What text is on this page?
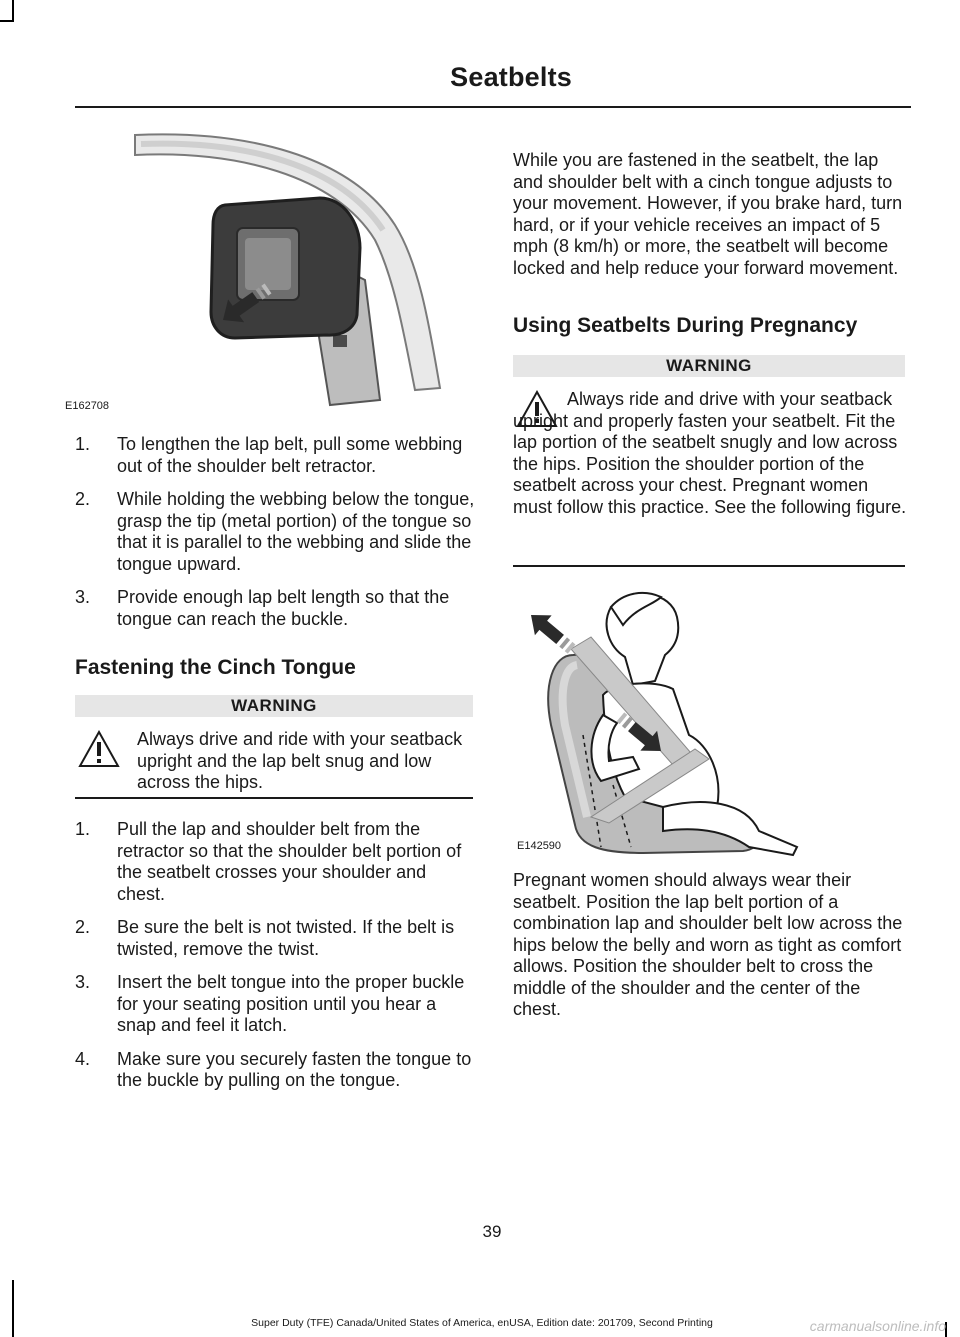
Seatbelts
E162708
1.	To lengthen the lap belt, pull some webbing out of the shoulder belt retractor.
2.	While holding the webbing below the tongue, grasp the tip (metal portion) of the tongue so that it is parallel to the webbing and slide the tongue upward.
3.	Provide enough lap belt length so that the tongue can reach the buckle.
Fastening the Cinch Tongue
WARNING
Always drive and ride with your seatback upright and the lap belt snug and low across the hips.
1.	Pull the lap and shoulder belt from the retractor so that the shoulder belt portion of the seatbelt crosses your shoulder and chest.
2.	Be sure the belt is not twisted. If the belt is twisted, remove the twist.
3.	Insert the belt tongue into the proper buckle for your seating position until you hear a snap and feel it latch.
4.	Make sure you securely fasten the tongue to the buckle by pulling on the tongue.

While you are fastened in the seatbelt, the lap and shoulder belt with a cinch tongue adjusts to your movement. However, if you brake hard, turn hard, or if your vehicle receives an impact of 5 mph (8 km/h) or more, the seatbelt will become locked and help reduce your forward movement.

Using Seatbelts During Pregnancy
WARNING
Always ride and drive with your seatback upright and properly fasten your seatbelt. Fit the lap portion of the seatbelt snugly and low across the hips. Position the shoulder portion of the seatbelt across your chest. Pregnant women must follow this practice. See the following figure.
E142590

Pregnant women should always wear their seatbelt. Position the lap belt portion of a combination lap and shoulder belt low across the hips below the belly and worn as tight as comfort allows. Position the shoulder belt to cross the middle of the shoulder and the center of the chest.

39
Super Duty (TFE) Canada/United States of America, enUSA, Edition date: 201709, Second Printing	carmanualsonline.info
